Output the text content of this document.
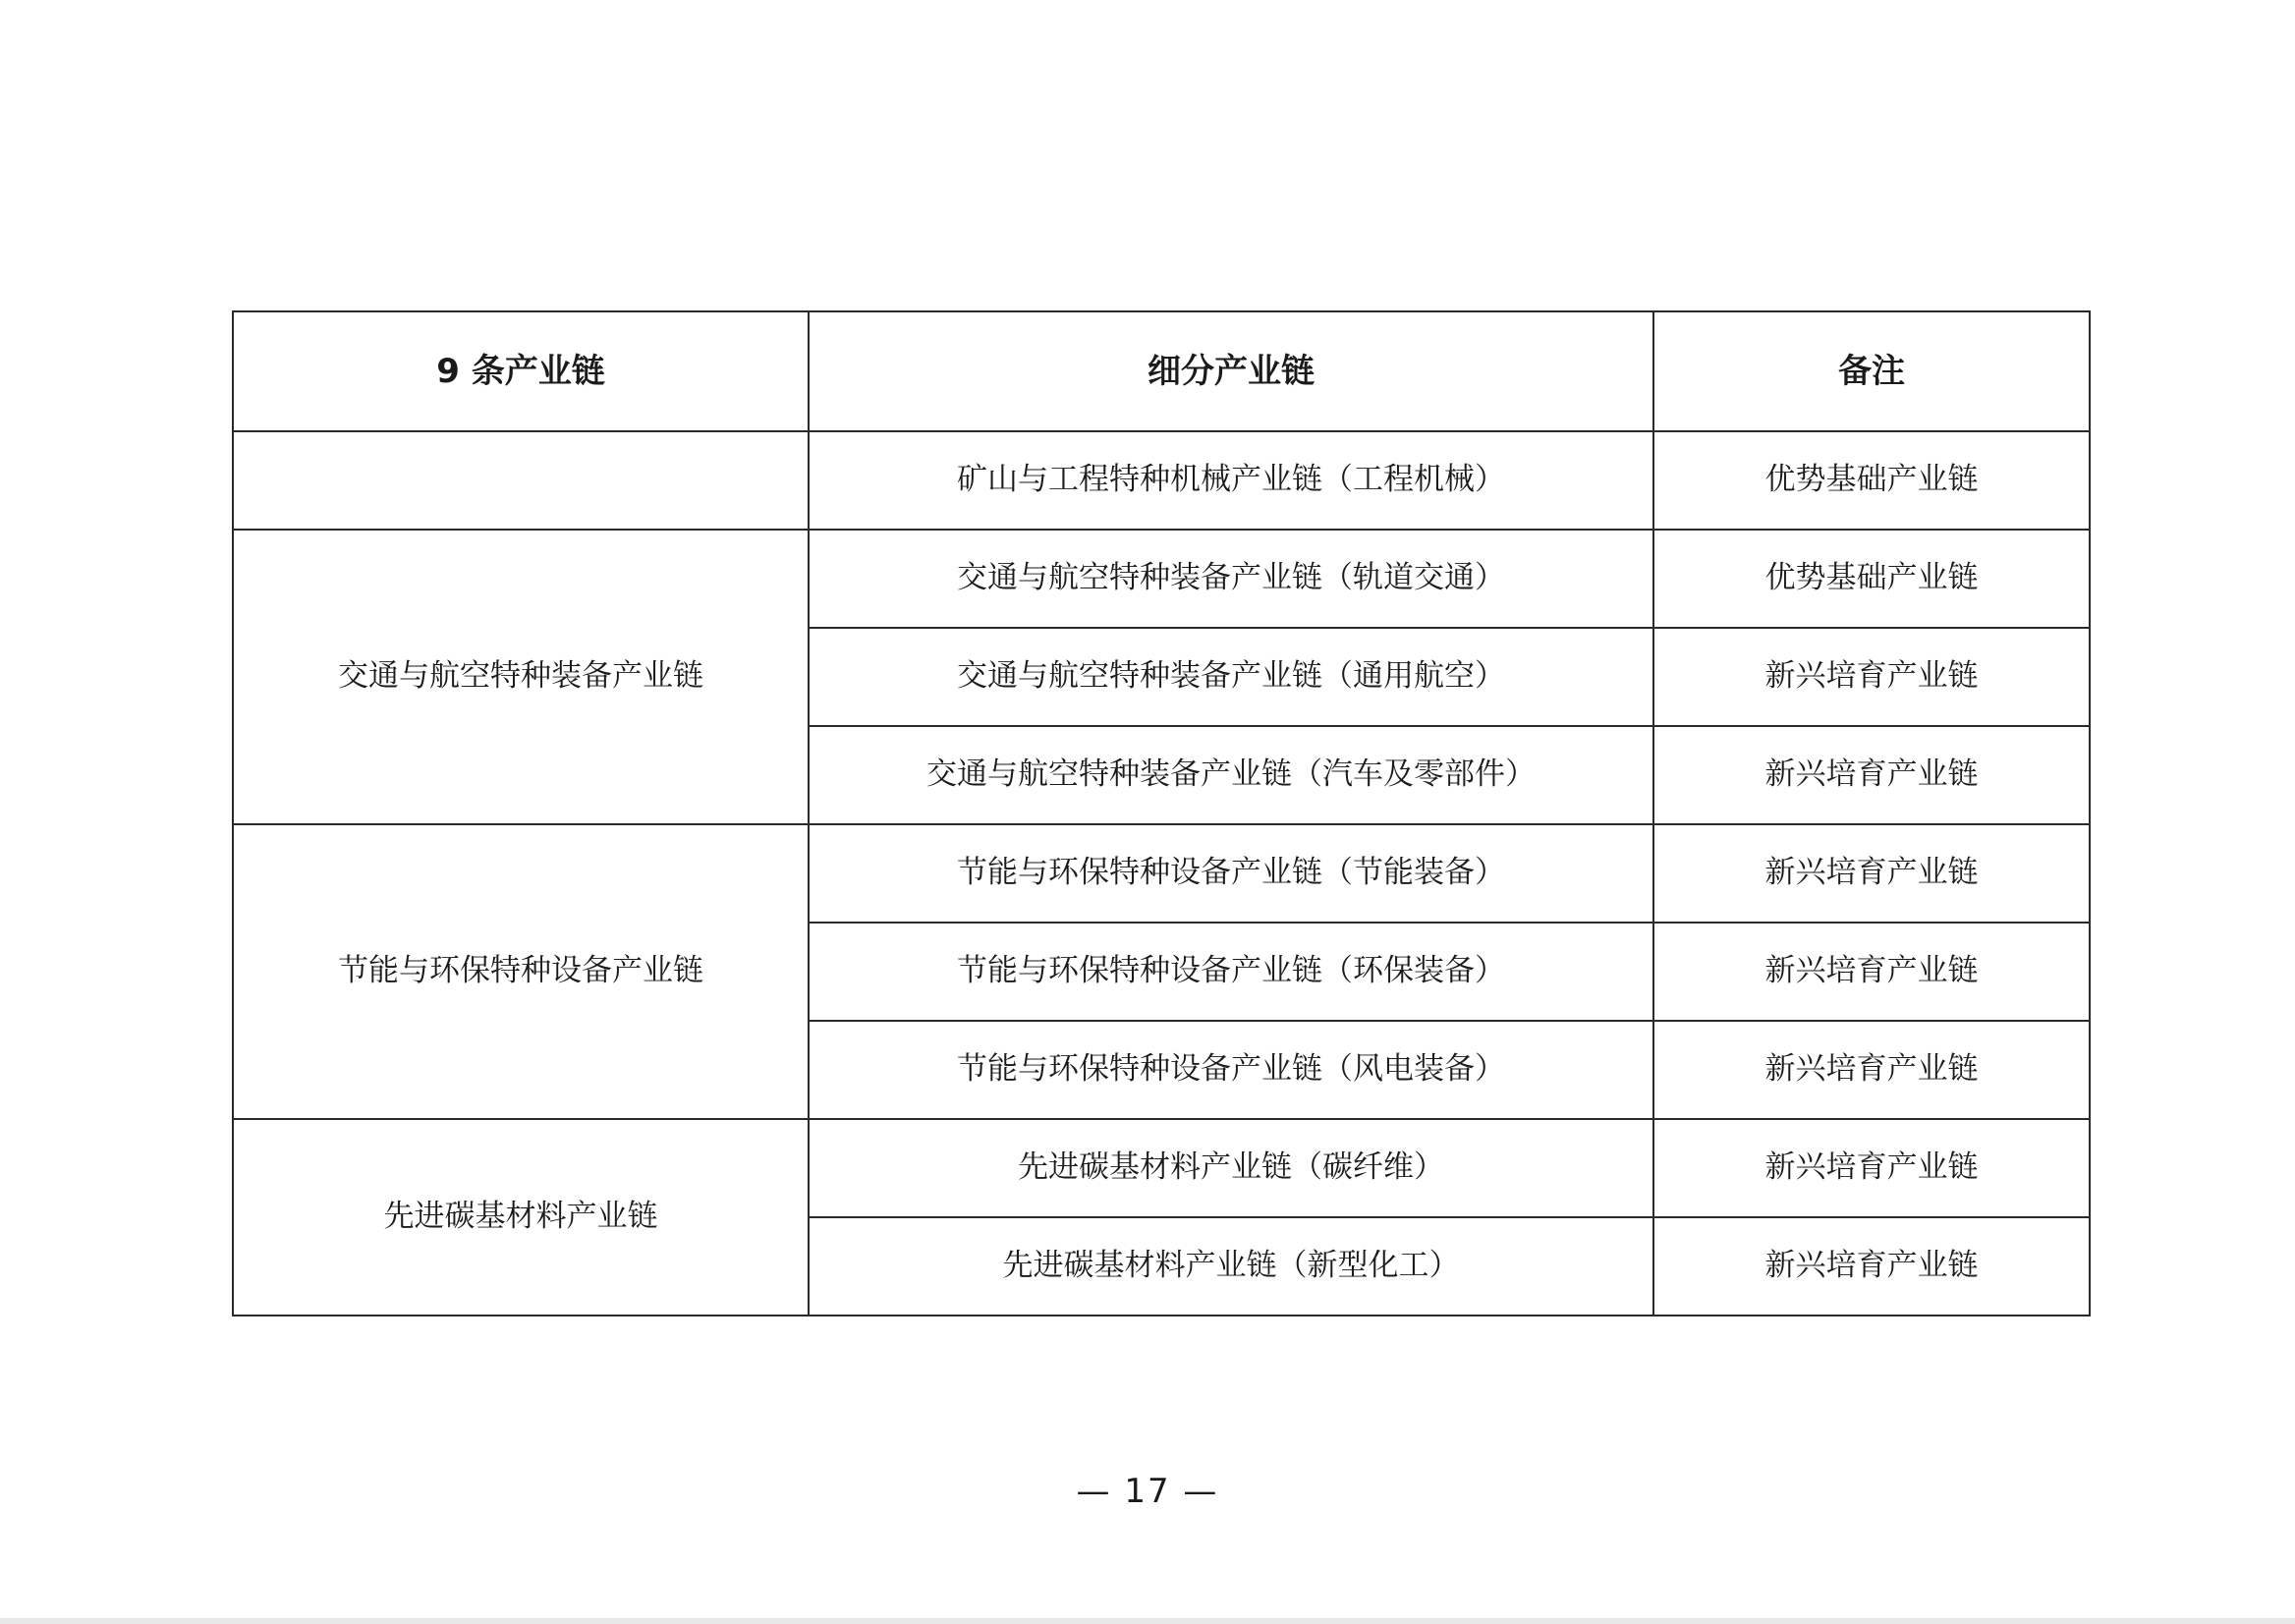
9 条产业链	细分产业链	备注
	矿山与工程特种机械产业链（工程机械）	优势基础产业链
交通与航空特种装备产业链	交通与航空特种装备产业链（轨道交通）	优势基础产业链
	交通与航空特种装备产业链（通用航空）	新兴培育产业链
	交通与航空特种装备产业链（汽车及零部件）	新兴培育产业链
节能与环保特种设备产业链	节能与环保特种设备产业链（节能装备）	新兴培育产业链
	节能与环保特种设备产业链（环保装备）	新兴培育产业链
	节能与环保特种设备产业链（风电装备）	新兴培育产业链
先进碳基材料产业链	先进碳基材料产业链（碳纤维）	新兴培育产业链
	先进碳基材料产业链（新型化工）	新兴培育产业链
— 17 —
